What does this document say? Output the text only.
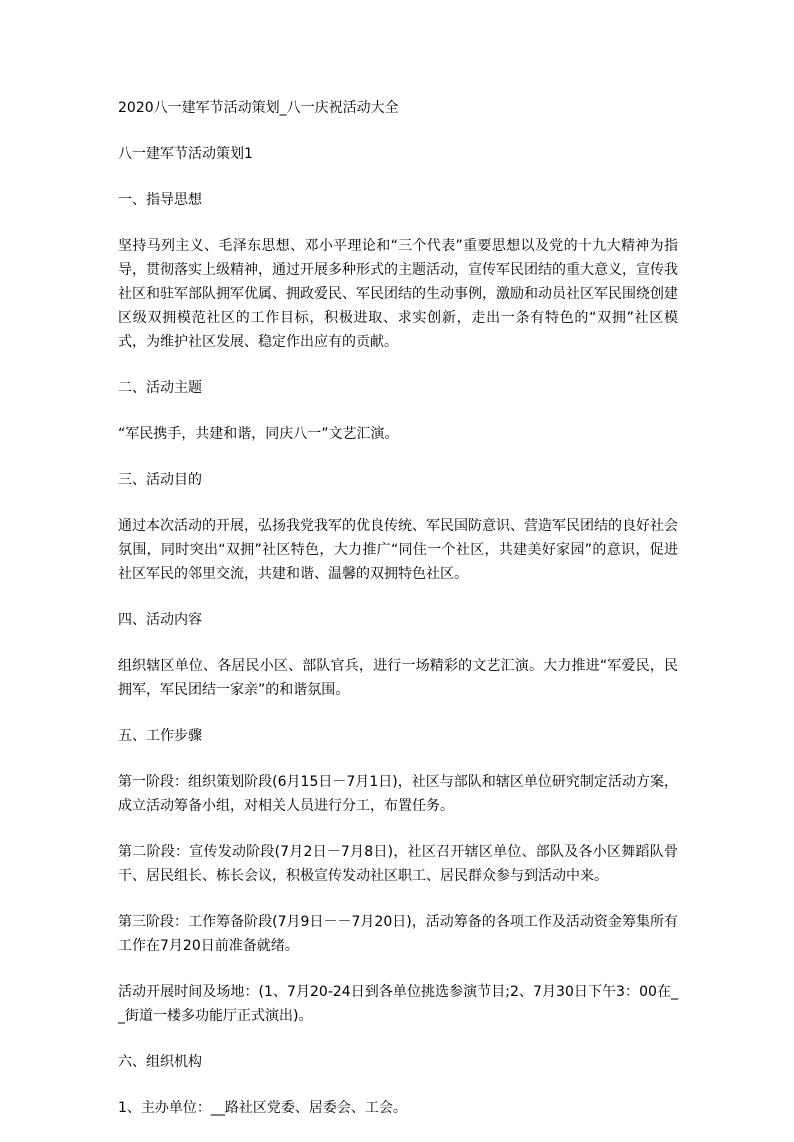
2020八一建军节活动策划_八一庆祝活动大全

八一建军节活动策划1

一、指导思想

坚持马列主义、毛泽东思想、邓小平理论和“三个代表”重要思想以及党的十九大精神为指导，贯彻落实上级精神，通过开展多种形式的主题活动，宣传军民团结的重大意义，宣传我社区和驻军部队拥军优属、拥政爱民、军民团结的生动事例，激励和动员社区军民围绕创建区级双拥模范社区的工作目标，积极进取、求实创新，走出一条有特色的“双拥”社区模式，为维护社区发展、稳定作出应有的贡献。

二、活动主题

“军民携手，共建和谐，同庆八一”文艺汇演。

三、活动目的

通过本次活动的开展，弘扬我党我军的优良传统、军民国防意识、营造军民团结的良好社会氛围，同时突出“双拥”社区特色，大力推广“同住一个社区，共建美好家园”的意识，促进社区军民的邻里交流，共建和谐、温馨的双拥特色社区。

四、活动内容

组织辖区单位、各居民小区、部队官兵，进行一场精彩的文艺汇演。大力推进“军爱民，民拥军，军民团结一家亲”的和谐氛围。

五、工作步骤

第一阶段：组织策划阶段(6月15日－7月1日)，社区与部队和辖区单位研究制定活动方案，成立活动筹备小组，对相关人员进行分工，布置任务。

第二阶段：宣传发动阶段(7月2日－7月8日)，社区召开辖区单位、部队及各小区舞蹈队骨干、居民组长、栋长会议，积极宣传发动社区职工、居民群众参与到活动中来。

第三阶段：工作筹备阶段(7月9日－－7月20日)，活动筹备的各项工作及活动资金筹集所有工作在7月20日前准备就绪。

活动开展时间及场地：(1、7月20-24日到各单位挑选参演节目;2、7月30日下午3：00在__街道一楼多功能厅正式演出)。

六、组织机构

1、主办单位：__路社区党委、居委会、工会。
